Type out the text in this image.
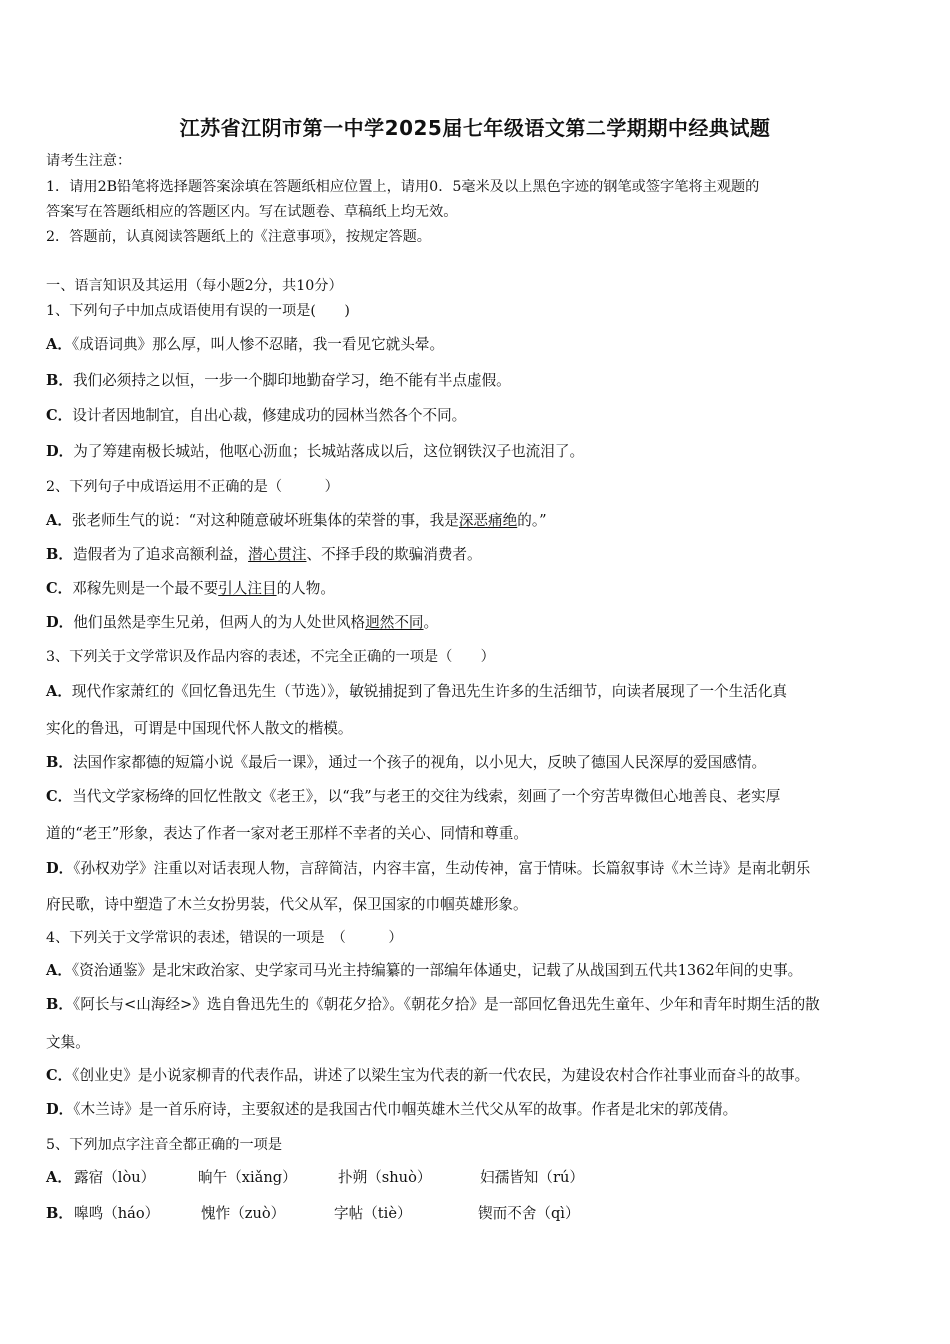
江苏省江阴市第一中学2025届七年级语文第二学期期中经典试题
请考生注意：
1．请用2B铅笔将选择题答案涂填在答题纸相应位置上，请用0．5毫米及以上黑色字迹的钢笔或签字笔将主观题的
答案写在答题纸相应的答题区内。写在试题卷、草稿纸上均无效。
2．答题前，认真阅读答题纸上的《注意事项》，按规定答题。
一、语言知识及其运用（每小题2分，共10分）
1、下列句子中加点成语使用有误的一项是(　　)
A．《成语词典》那么厚，叫人惨不忍睹，我一看见它就头晕。
B．我们必须持之以恒，一步一个脚印地勤奋学习，绝不能有半点虚假。
C．设计者因地制宜，自出心裁，修建成功的园林当然各个不同。
D．为了筹建南极长城站，他呕心沥血；长城站落成以后，这位钢铁汉子也流泪了。
2、下列句子中成语运用不正确的是（　　　）
A．张老师生气的说：“对这种随意破坏班集体的荣誉的事，我是深恶痛绝的。”
B．造假者为了追求高额利益，潜心贯注、不择手段的欺骗消费者。
C．邓稼先则是一个最不要引人注目的人物。
D．他们虽然是孪生兄弟，但两人的为人处世风格迥然不同。
3、下列关于文学常识及作品内容的表述，不完全正确的一项是（　　）
A．现代作家萧红的《回忆鲁迅先生（节选）》，敏锐捕捉到了鲁迅先生许多的生活细节，向读者展现了一个生活化真
实化的鲁迅，可谓是中国现代怀人散文的楷模。
B．法国作家都德的短篇小说《最后一课》，通过一个孩子的视角，以小见大，反映了德国人民深厚的爱国感情。
C．当代文学家杨绛的回忆性散文《老王》，以“我”与老王的交往为线索，刻画了一个穷苦卑微但心地善良、老实厚
道的“老王”形象，表达了作者一家对老王那样不幸者的关心、同情和尊重。
D．《孙权劝学》注重以对话表现人物，言辞简洁，内容丰富，生动传神，富于情味。长篇叙事诗《木兰诗》是南北朝乐
府民歌，诗中塑造了木兰女扮男装，代父从军，保卫国家的巾帼英雄形象。
4、下列关于文学常识的表述，错误的一项是　（　　　）
A．《资治通鉴》是北宋政治家、史学家司马光主持编纂的一部编年体通史，记载了从战国到五代共1362年间的史事。
B．《阿长与<山海经>》选自鲁迅先生的《朝花夕拾》。《朝花夕拾》是一部回忆鲁迅先生童年、少年和青年时期生活的散
文集。
C．《创业史》是小说家柳青的代表作品，讲述了以梁生宝为代表的新一代农民，为建设农村合作社事业而奋斗的故事。
D．《木兰诗》是一首乐府诗，主要叙述的是我国古代巾帼英雄木兰代父从军的故事。作者是北宋的郭茂倩。
5、下列加点字注音全都正确的一项是
A． 露宿（lòu）	晌午（xiǎng）	扑朔（shuò）	妇孺皆知（rú）
B． 嗥鸣（háo）	愧怍（zuò）	字帖（tiè）	锲而不舍（qì）
